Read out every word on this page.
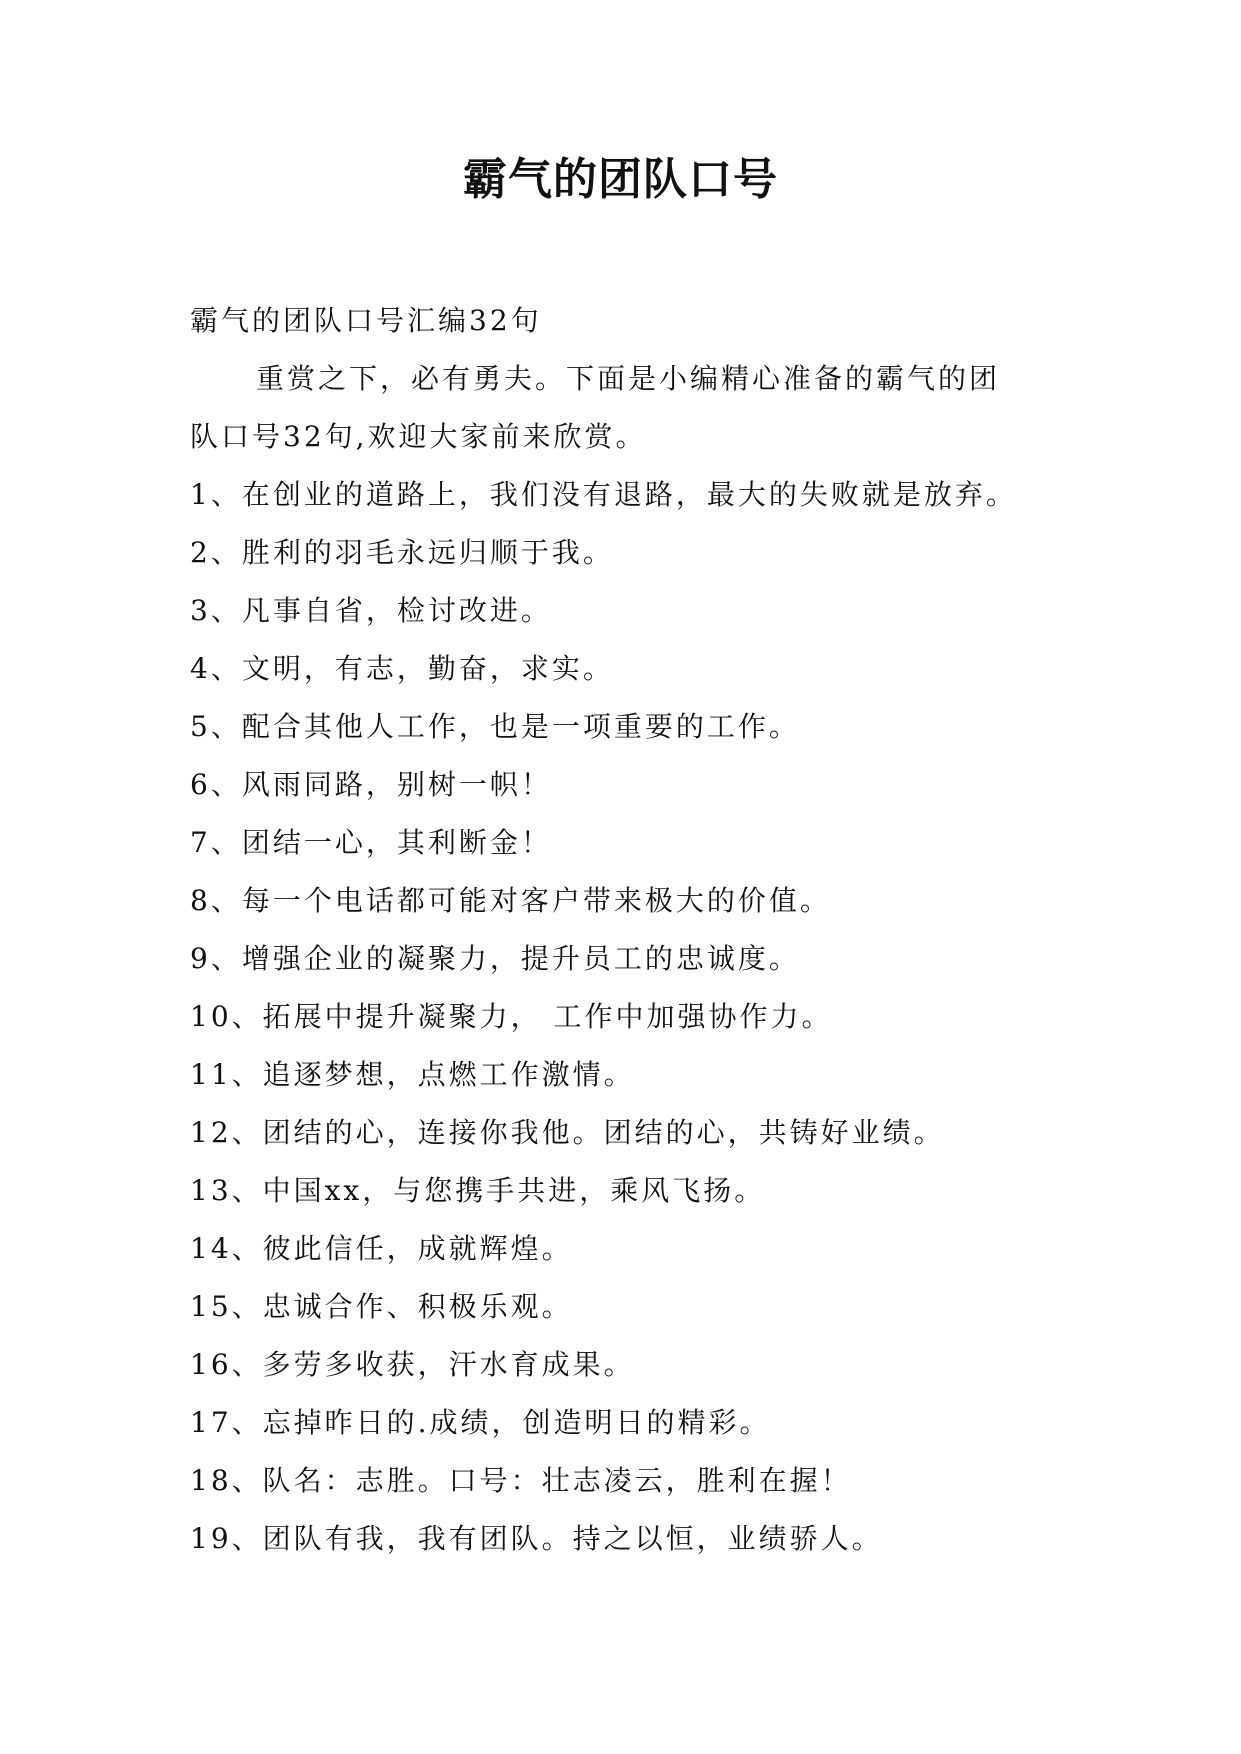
霸气的团队口号
霸气的团队口号汇编32句
重赏之下，必有勇夫。下面是小编精心准备的霸气的团
队口号32句,欢迎大家前来欣赏。
1、在创业的道路上，我们没有退路，最大的失败就是放弃。
2、胜利的羽毛永远归顺于我。
3、凡事自省，检讨改进。
4、文明，有志，勤奋，求实。
5、配合其他人工作，也是一项重要的工作。
6、风雨同路，别树一帜！
7、团结一心，其利断金！
8、每一个电话都可能对客户带来极大的价值。
9、增强企业的凝聚力，提升员工的忠诚度。
10、拓展中提升凝聚力， 工作中加强协作力。
11、追逐梦想，点燃工作激情。
12、团结的心，连接你我他。团结的心，共铸好业绩。
13、中国xx，与您携手共进，乘风飞扬。
14、彼此信任，成就辉煌。
15、忠诚合作、积极乐观。
16、多劳多收获，汗水育成果。
17、忘掉昨日的.成绩，创造明日的精彩。
18、队名：志胜。口号：壮志凌云，胜利在握！
19、团队有我，我有团队。持之以恒，业绩骄人。
